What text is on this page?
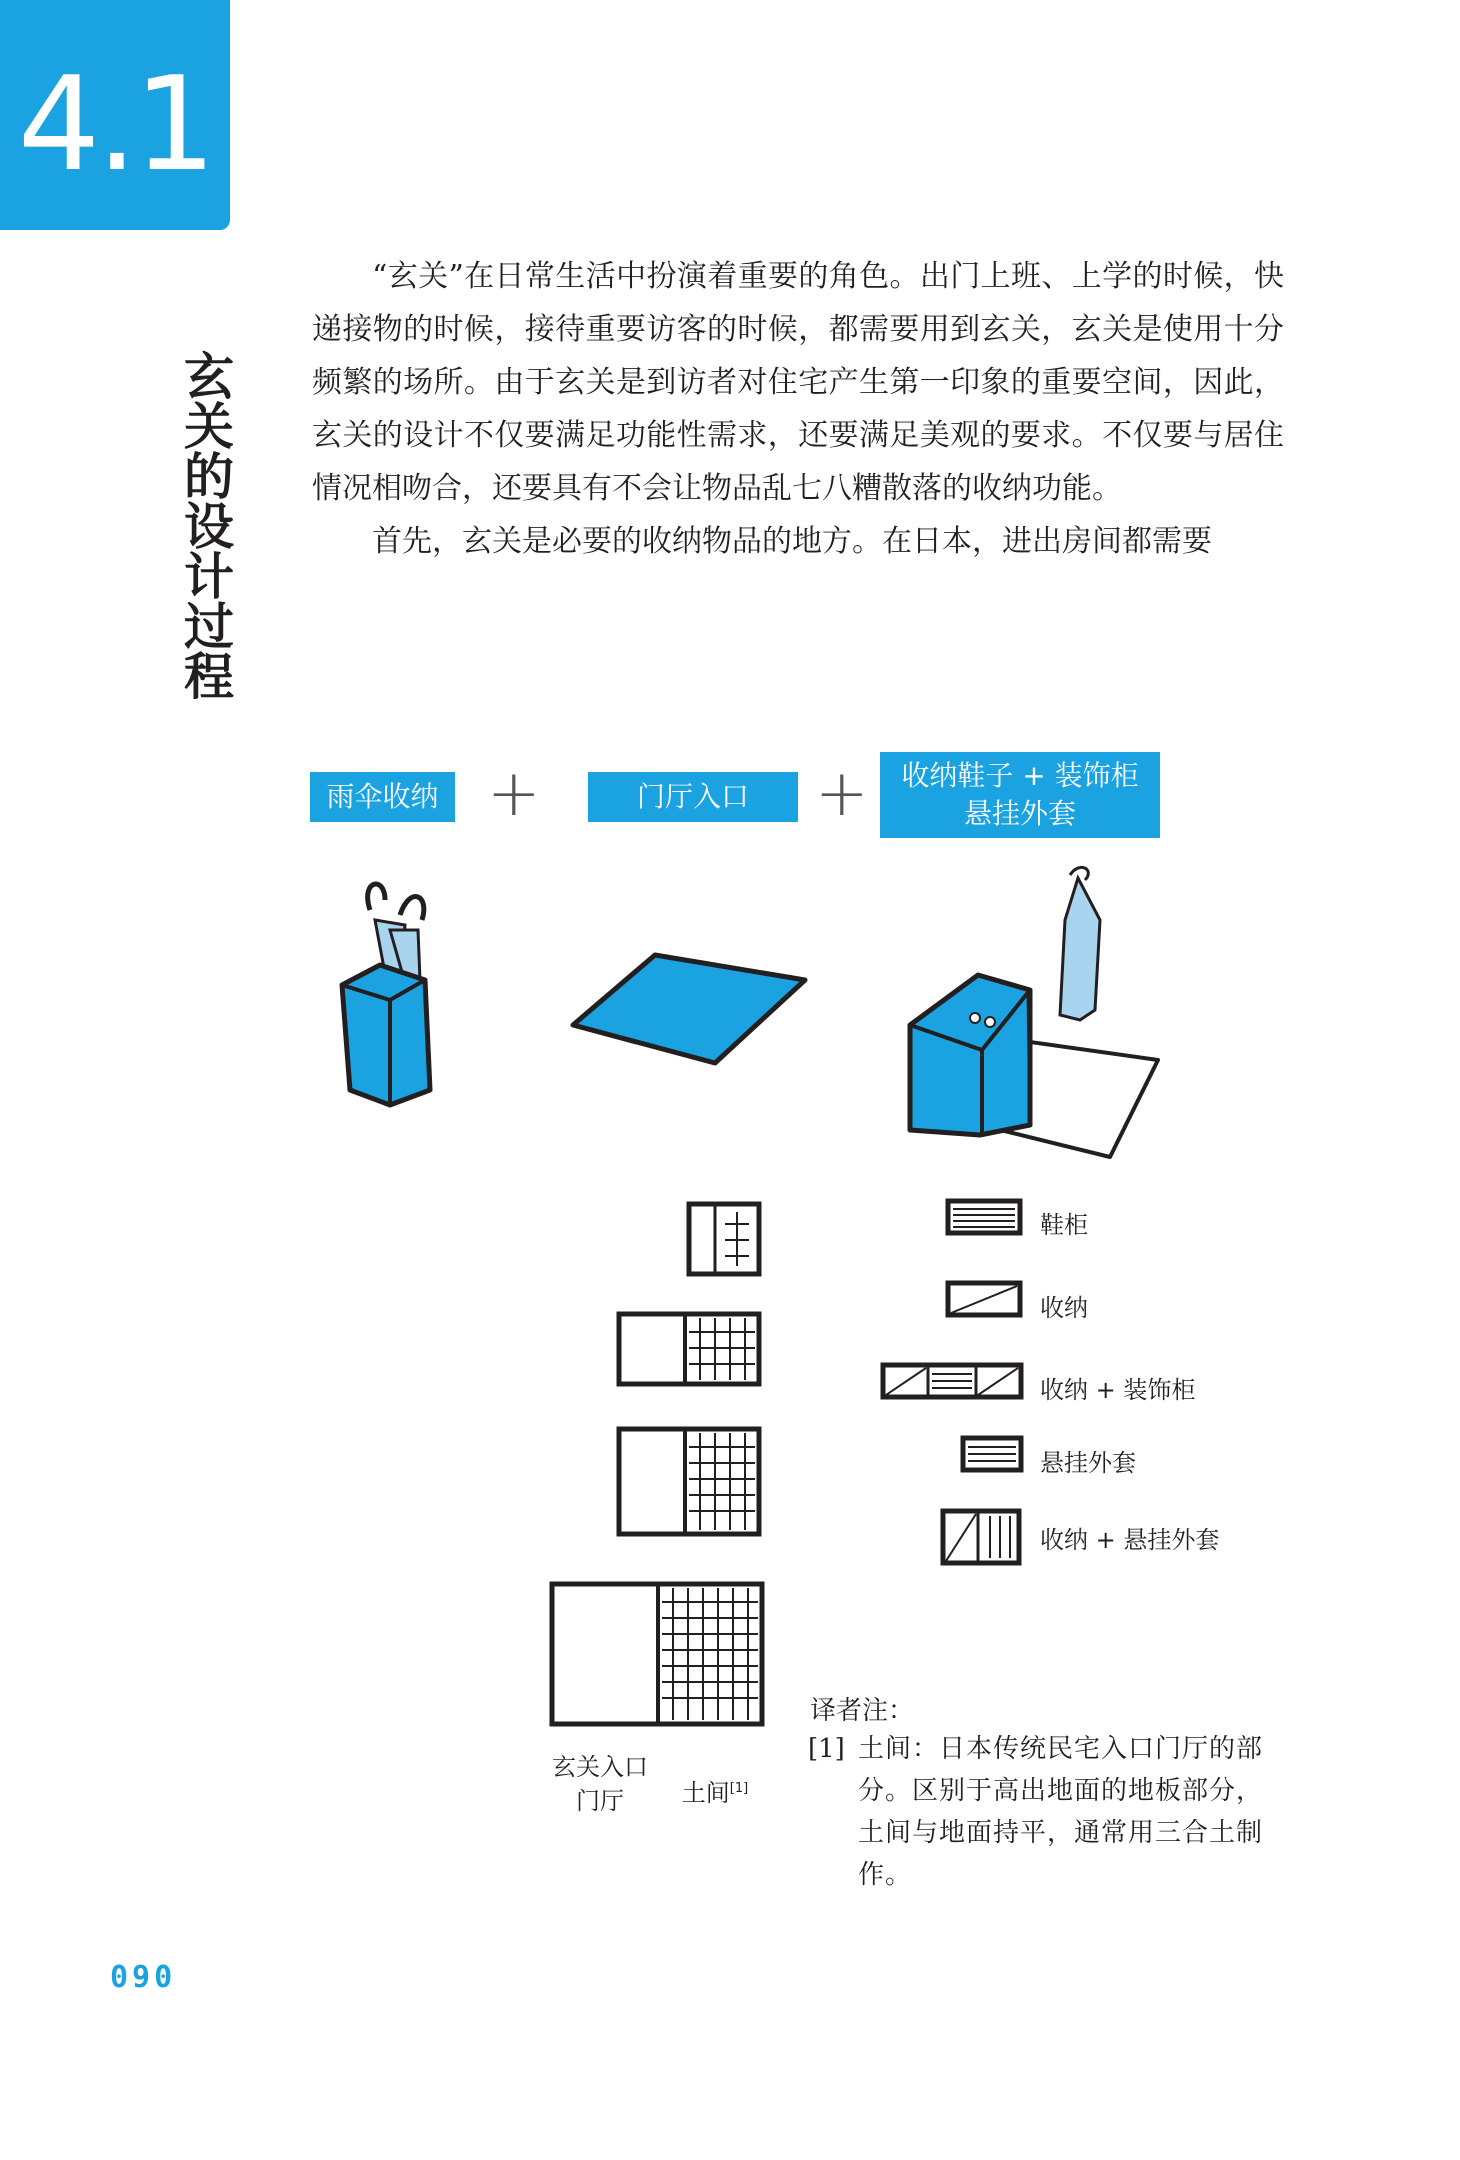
4.1
玄关的设计过程

“玄关”在日常生活中扮演着重要的角色。出门上班、上学的时候，快递接物的时候，接待重要访客的时候，都需要用到玄关，玄关是使用十分频繁的场所。由于玄关是到访者对住宅产生第一印象的重要空间，因此，玄关的设计不仅要满足功能性需求，还要满足美观的要求。不仅要与居住情况相吻合，还要具有不会让物品乱七八糟散落的收纳功能。

首先，玄关是必要的收纳物品的地方。在日本，进出房间都需要

雨伞收纳 +	门厅入口	+	收纳鞋子 + 装饰柜
悬挂外套
玄关入口
门厅	土间[1]
鞋柜
收纳
收纳 + 装饰柜
悬挂外套
收纳 + 悬挂外套
译者注：
[1] 土间：日本传统民宅入口门厅的部分。区别于高出地面的地板部分，土间与地面持平，通常用三合土制作。
090
